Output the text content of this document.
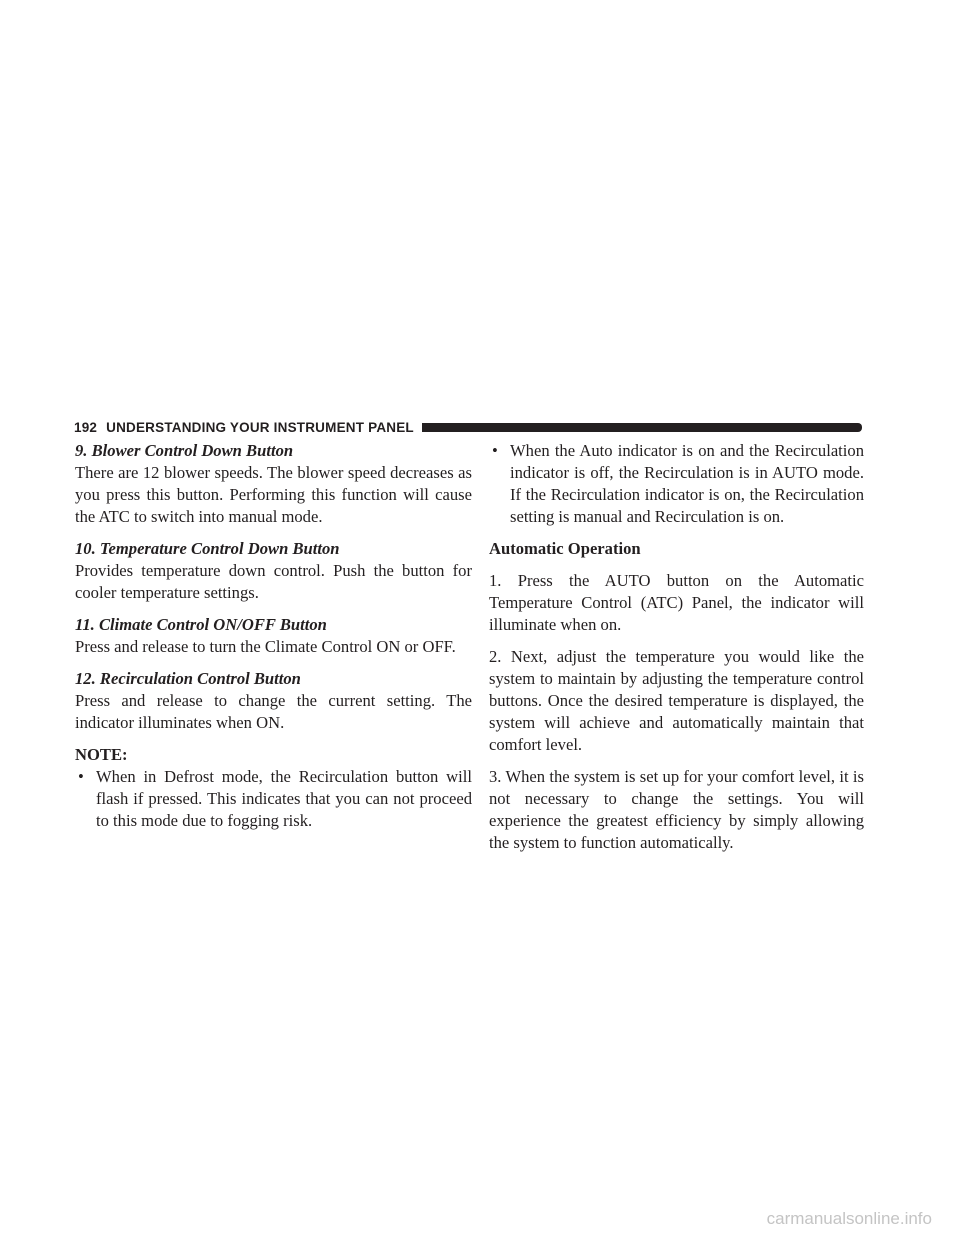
192 UNDERSTANDING YOUR INSTRUMENT PANEL

9. Blower Control Down Button

There are 12 blower speeds. The blower speed decreases as you press this button. Performing this function will cause the ATC to switch into manual mode.

10. Temperature Control Down Button

Provides temperature down control. Push the button for cooler temperature settings.

11. Climate Control ON/OFF Button

Press and release to turn the Climate Control ON or OFF.

12. Recirculation Control Button

Press and release to change the current setting. The indicator illuminates when ON.

NOTE:

• When in Defrost mode, the Recirculation button will flash if pressed. This indicates that you can not proceed to this mode due to fogging risk.
• When the Auto indicator is on and the Recirculation indicator is off, the Recirculation is in AUTO mode. If the Recirculation indicator is on, the Recirculation setting is manual and Recirculation is on.

Automatic Operation

1. Press the AUTO button on the Automatic Temperature Control (ATC) Panel, the indicator will illuminate when on.

2. Next, adjust the temperature you would like the system to maintain by adjusting the temperature control buttons. Once the desired temperature is displayed, the system will achieve and automatically maintain that comfort level.

3. When the system is set up for your comfort level, it is not necessary to change the settings. You will experience the greatest efficiency by simply allowing the system to function automatically.

carmanualsonline.info
